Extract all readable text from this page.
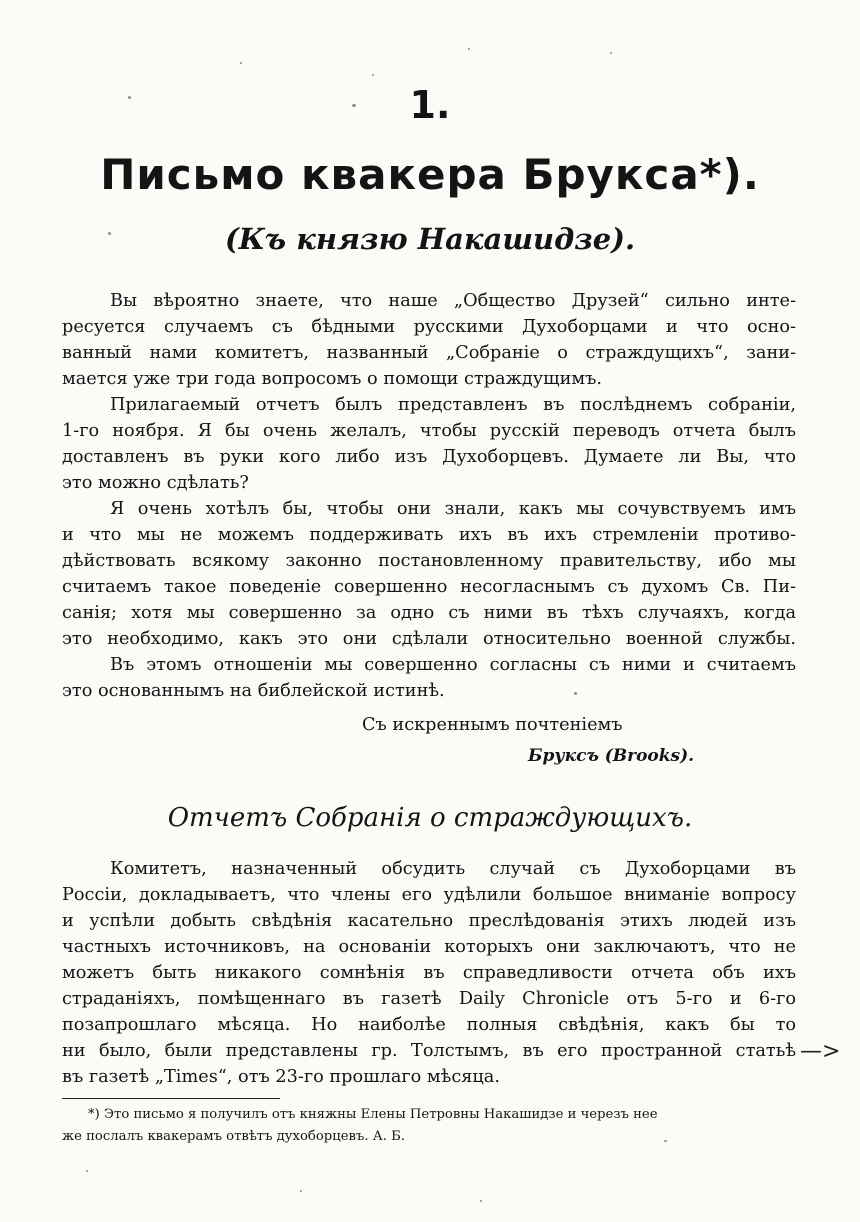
1.
Письмо квакера Брукса*).
(Къ князю Накашидзе).
Вы вѣроятно знаете, что наше „Общество Друзей“ сильно инте-
ресуется случаемъ съ бѣдными русскими Духоборцами и что осно-
ванный нами комитетъ, названный „Собраніе о страждущихъ“, зани-
мается уже три года вопросомъ о помощи страждущимъ.
Прилагаемый отчетъ былъ представленъ въ послѣднемъ собраніи,
1-го ноября. Я бы очень желалъ, чтобы русскій переводъ отчета былъ
доставленъ въ руки кого либо изъ Духоборцевъ. Думаете ли Вы, что
это можно сдѣлать?
Я очень хотѣлъ бы, чтобы они знали, какъ мы сочувствуемъ имъ
и что мы не можемъ поддерживать ихъ въ ихъ стремленіи противо-
дѣйствовать всякому законно постановленному правительству, ибо мы
считаемъ такое поведеніе совершенно несогласнымъ съ духомъ Св. Пи-
санія; хотя мы совершенно за одно съ ними въ тѣхъ случаяхъ, когда
это необходимо, какъ это они сдѣлали относительно военной службы.
Въ этомъ отношеніи мы совершенно согласны съ ними и считаемъ
это основаннымъ на библейской истинѣ.
Съ искреннымъ почтеніемъ
Бруксъ (Brooks).
Отчетъ Собранія о страждующихъ.
Комитетъ, назначенный обсудить случай съ Духоборцами въ
Россіи, докладываетъ, что члены его удѣлили большое вниманіе вопросу
и успѣли добыть свѣдѣнія касательно преслѣдованія этихъ людей изъ
частныхъ источниковъ, на основаніи которыхъ они заключаютъ, что не
можетъ быть никакого сомнѣнія въ справедливости отчета объ ихъ
страданіяхъ, помѣщеннаго въ газетѣ Daily Chronicle отъ 5-го и 6-го
позапрошлаго мѣсяца. Но наиболѣе полныя свѣдѣнія, какъ бы то
ни было, были представлены гр. Толстымъ, въ его пространной статьѣ
въ газетѣ „Times“, отъ 23-го прошлаго мѣсяца.
—>
*) Это письмо я получилъ отъ княжны Елены Петровны Накашидзе и черезъ нее
же послалъ квакерамъ отвѣтъ духоборцевъ. А. Б.
